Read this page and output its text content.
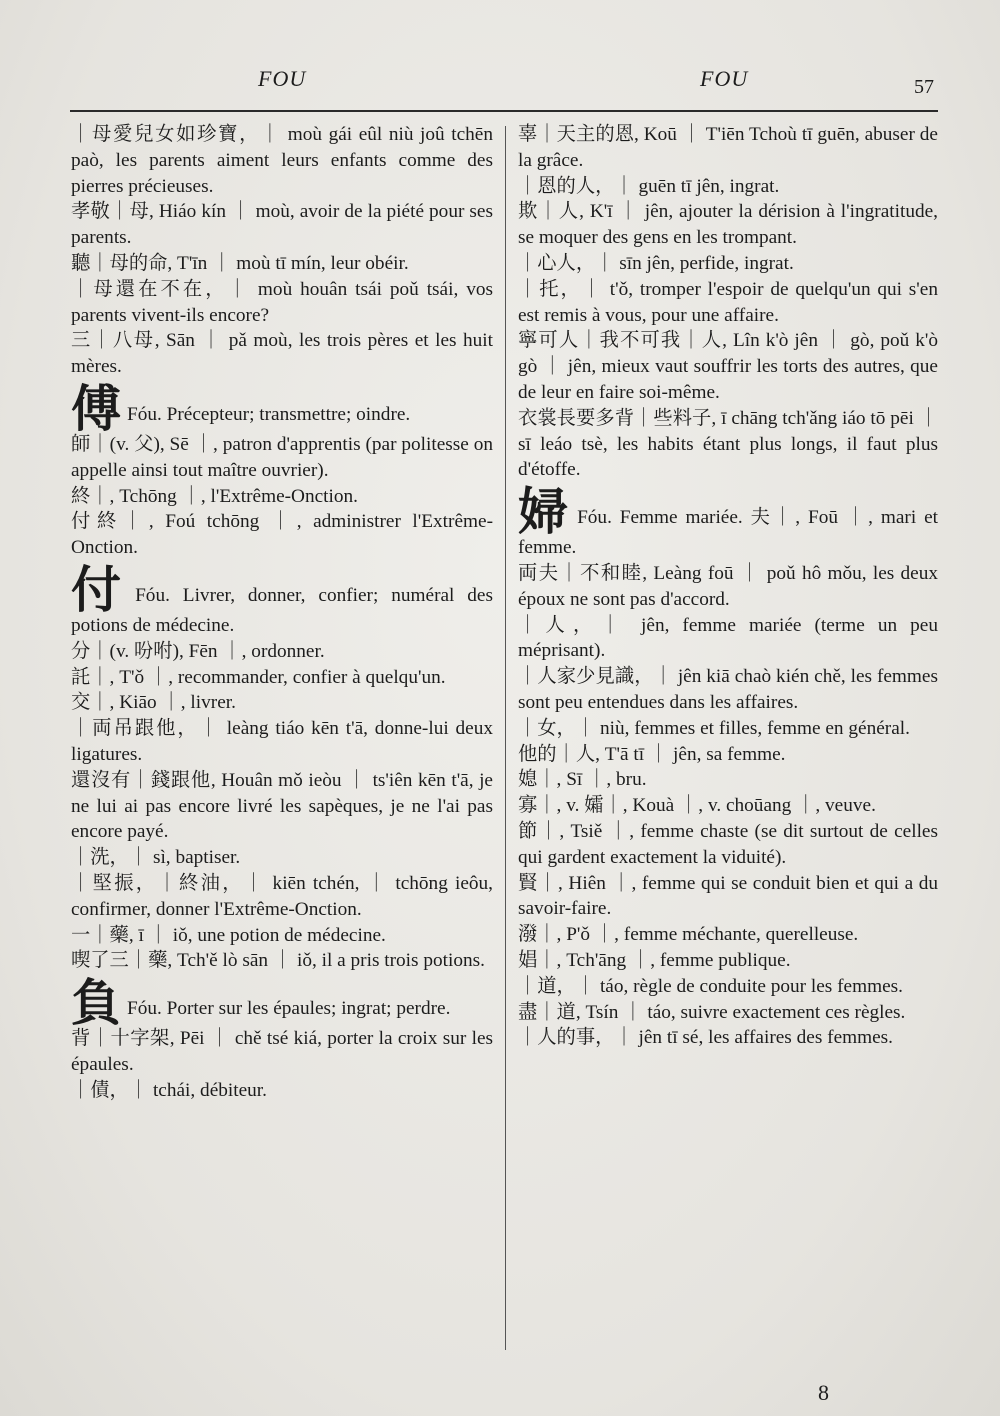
FOU	FOU	57

｜母愛兒女如珍寶，｜ moù gái eûl niù joû tchēn paò, les parents aiment leurs enfants comme des pierres précieuses.

孝敬｜母, Hiáo kín ｜ moù, avoir de la piété pour ses parents.

聽｜母的命, T'īn ｜ moù tī mín, leur obéir.

｜母還在不在，｜ moù houân tsái poǔ tsái, vos parents vivent-ils encore?

三｜八母, Sān ｜ pǎ moù, les trois pères et les huit mères.

傅 Fóu. Précepteur; transmettre; oindre.

師｜(v. 父), Sē ｜, patron d'apprentis (par politesse on appelle ainsi tout maître ouvrier).

終｜, Tchōng ｜, l'Extrême-Onction.

付終｜, Foú tchōng ｜, administrer l'Extrême-Onction.

付 Fóu. Livrer, donner, confier; numéral des potions de médecine.

分｜(v. 吩咐), Fēn ｜, ordonner.

託｜, T'ǒ ｜, recommander, confier à quelqu'un.

交｜, Kiāo ｜, livrer.

｜両吊跟他，｜ leàng tiáo kēn t'ā, donne-lui deux ligatures.

還沒有｜錢跟他, Houân mǒ ieòu ｜ ts'iên kēn t'ā, je ne lui ai pas encore livré les sapèques, je ne l'ai pas encore payé.

｜洗，｜ sì, baptiser.

｜堅振，｜終油，｜ kiēn tchén, ｜ tchōng ieôu, confirmer, donner l'Extrême-Onction.

一｜藥, ī ｜ iǒ, une potion de médecine.

喫了三｜藥, Tch'ě lò sān ｜ iǒ, il a pris trois potions.

負 Fóu. Porter sur les épaules; ingrat; perdre.

背｜十字架, Pēi ｜ chě tsé kiá, porter la croix sur les épaules.

｜債，｜ tchái, débiteur.

辜｜天主的恩, Koū ｜ T'iēn Tchoù tī guēn, abuser de la grâce.

｜恩的人，｜ guēn tī jên, ingrat.

欺｜人, K'ī ｜ jên, ajouter la dérision à l'ingratitude, se moquer des gens en les trompant.

｜心人，｜ sīn jên, perfide, ingrat.

｜托，｜ t'ǒ, tromper l'espoir de quelqu'un qui s'en est remis à vous, pour une affaire.

寧可人｜我不可我｜人, Lîn k'ò jên ｜ gò, poǔ k'ò gò ｜ jên, mieux vaut souffrir les torts des autres, que de leur en faire soi-même.

衣裳長要多背｜些料子, ī chāng tch'ǎng iáo tō pēi ｜ sī leáo tsè, les habits étant plus longs, il faut plus d'étoffe.

婦 Fóu. Femme mariée. 夫｜, Foū ｜, mari et femme.

両夫｜不和睦, Leàng foū ｜ poǔ hô mǒu, les deux époux ne sont pas d'accord.

｜人，｜ jên, femme mariée (terme un peu méprisant).

｜人家少見識，｜ jên kiā chaò kién chě, les femmes sont peu entendues dans les affaires.

｜女，｜ niù, femmes et filles, femme en général.

他的｜人, T'ā tī ｜ jên, sa femme.

媳｜, Sī ｜, bru.

寡｜, v. 孀｜, Kouà ｜, v. choūang ｜, veuve.

節｜, Tsiě ｜, femme chaste (se dit surtout de celles qui gardent exactement la viduité).

賢｜, Hiên ｜, femme qui se conduit bien et qui a du savoir-faire.

潑｜, P'ǒ ｜, femme méchante, querelleuse.

娼｜, Tch'āng ｜, femme publique.

｜道，｜ táo, règle de conduite pour les femmes.

盡｜道, Tsín ｜ táo, suivre exactement ces règles.

｜人的事，｜ jên tī sé, les affaires des femmes.

8
